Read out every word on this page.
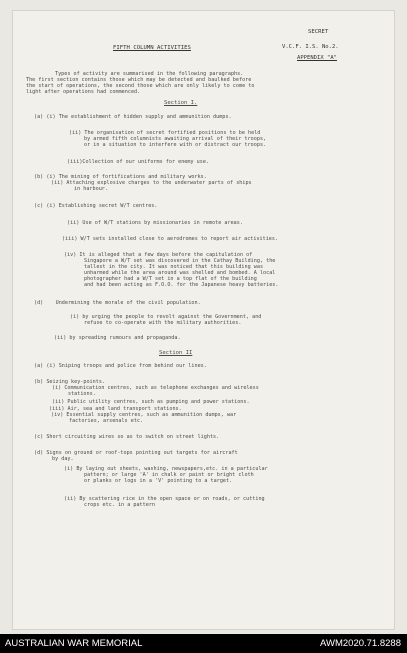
SECRET
FIFTH COLUMN ACTIVITIES	V.C.F. I.S. No.2.
APPENDIX "A"
Types of activity are summarised in the following paragraphs.
The first section contains those which may be detected and baulked before
the start of operations, the second those which are only likely to come to
light after operations had commenced.
Section I.
(a) (i) The establishment of hidden supply and ammunition dumps.
(ii) The organisation of secret fortified positions to be held
by armed fifth columnists awaiting arrival of their troops,
or in a situation to interfere with or distract our troops.
(iii)Collection of our uniforms for enemy use.
(b) (i) The mining of fortifications and military works.
(ii) Attaching explosive charges to the underwater parts of ships
in harbour.
(c) (i) Establishing secret W/T centres.
(ii) Use of W/T stations by missionaries in remote areas.
(iii) W/T sets installed close to aerodromes to report air activities.
(iv) It is alleged that a few days before the capitulation of
Singapore a W/T set was discovered in the Cathay Building, the
tallest in the city. It was noticed that this building was
unharmed while the area around was shelled and bombed. A local
photographer had a W/T set in a top flat of the building
and had been acting as F.O.O. for the Japanese heavy batteries.
(d)    Undermining the morale of the civil population.
(i) by urging the people to revolt against the Government, and
refuse to co-operate with the military authorities.
(ii) by spreading rumours and propaganda.
Section II
(a) (i) Sniping troops and police from behind our lines.
(b) Seizing key-points.
(i) Communication centres, such as telephone exchanges and wireless
stations.
(ii) Public utility centres, such as pumping and power stations.
(iii) Air, sea and land transport stations.
(iv) Essential supply centres, such as ammunition dumps, war
factories, arsenals etc.
(c) Short circuiting wires so as to switch on street lights.
(d) Signs on ground or roof-tops pointing out targets for aircraft
by day.
(i) By laying out sheets, washing, newspapers,etc. in a particular
pattern; or large 'A' in chalk or paint or bright cloth
or planks or logs in a 'V' pointing to a target.
(ii) By scattering rice in the open space or on roads, or cutting
crops etc. in a pattern
AUSTRALIAN WAR MEMORIAL	AWM2020.71.8288
